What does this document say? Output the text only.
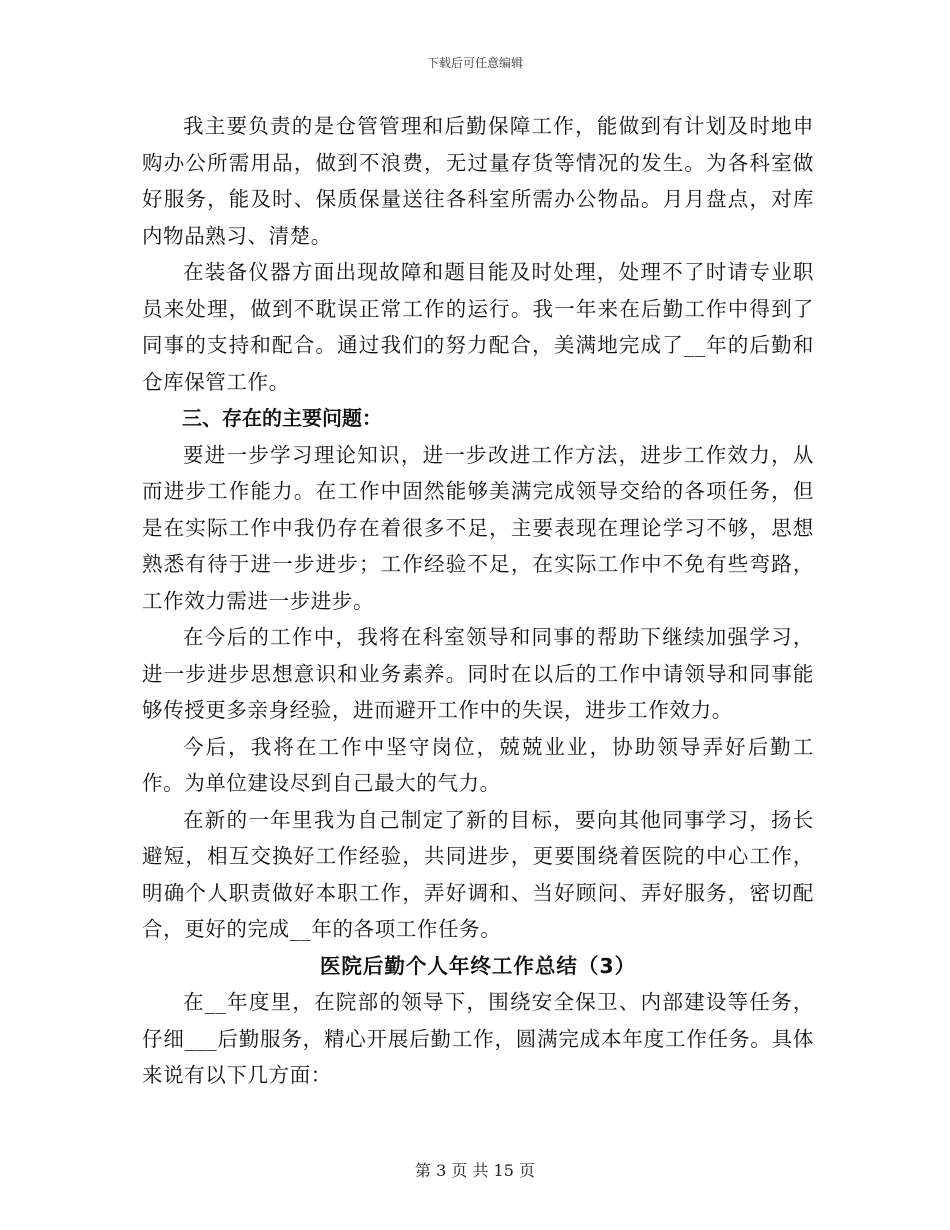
下载后可任意编辑

我主要负责的是仓管管理和后勤保障工作，能做到有计划及时地申购办公所需用品，做到不浪费，无过量存货等情况的发生。为各科室做好服务，能及时、保质保量送往各科室所需办公物品。月月盘点，对库内物品熟习、清楚。

在装备仪器方面出现故障和题目能及时处理，处理不了时请专业职员来处理，做到不耽误正常工作的运行。我一年来在后勤工作中得到了同事的支持和配合。通过我们的努力配合，美满地完成了__年的后勤和仓库保管工作。

三、存在的主要问题：

要进一步学习理论知识，进一步改进工作方法，进步工作效力，从而进步工作能力。在工作中固然能够美满完成领导交给的各项任务，但是在实际工作中我仍存在着很多不足，主要表现在理论学习不够，思想熟悉有待于进一步进步；工作经验不足，在实际工作中不免有些弯路，工作效力需进一步进步。

在今后的工作中，我将在科室领导和同事的帮助下继续加强学习，进一步进步思想意识和业务素养。同时在以后的工作中请领导和同事能够传授更多亲身经验，进而避开工作中的失误，进步工作效力。

今后，我将在工作中坚守岗位，兢兢业业，协助领导弄好后勤工作。为单位建设尽到自己最大的气力。

在新的一年里我为自己制定了新的目标，要向其他同事学习，扬长避短，相互交换好工作经验，共同进步，更要围绕着医院的中心工作，明确个人职责做好本职工作，弄好调和、当好顾问、弄好服务，密切配合，更好的完成__年的各项工作任务。

医院后勤个人年终工作总结（3）

在__年度里，在院部的领导下，围绕安全保卫、内部建设等任务，仔细___后勤服务，精心开展后勤工作，圆满完成本年度工作任务。具体来说有以下几方面：

第 3 页 共 15 页
